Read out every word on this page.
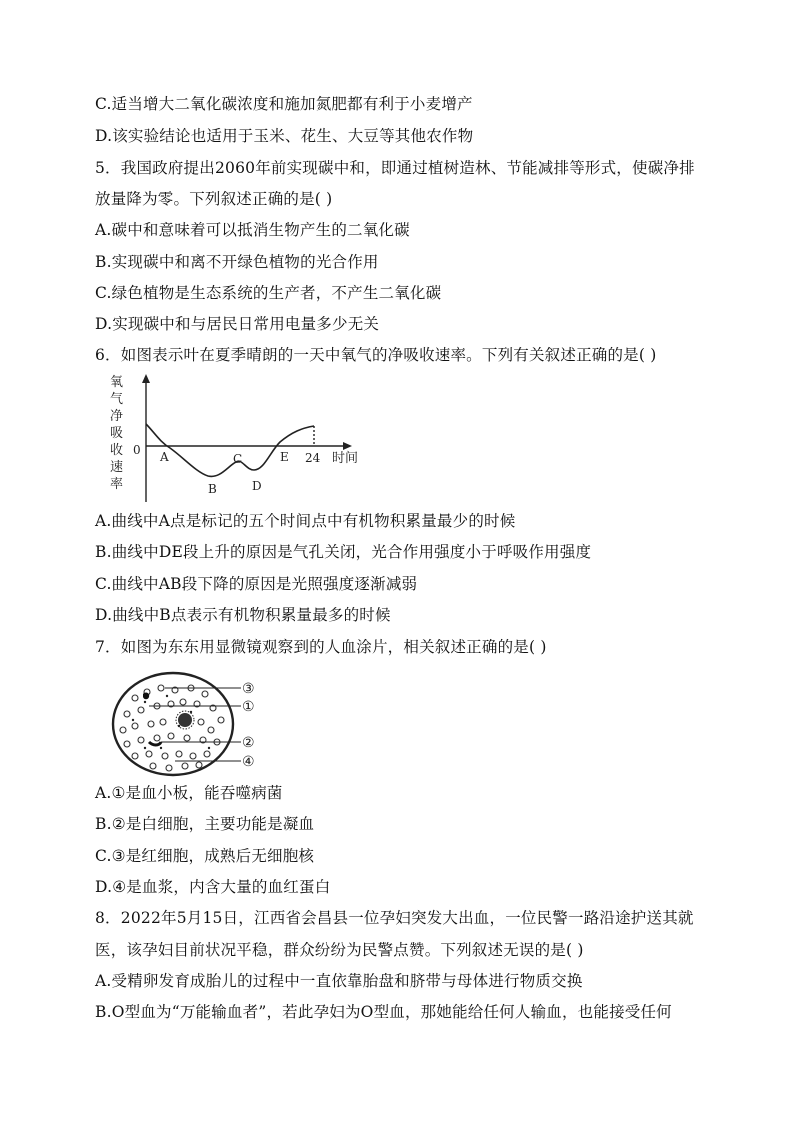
C.适当增大二氧化碳浓度和施加氮肥都有利于小麦增产
D.该实验结论也适用于玉米、花生、大豆等其他农作物
5．我国政府提出2060年前实现碳中和，即通过植树造林、节能减排等形式，使碳净排
放量降为零。下列叙述正确的是( )
A.碳中和意味着可以抵消生物产生的二氧化碳
B.实现碳中和离不开绿色植物的光合作用
C.绿色植物是生态系统的生产者，不产生二氧化碳
D.实现碳中和与居民日常用电量多少无关
6．如图表示叶在夏季晴朗的一天中氧气的净吸收速率。下列有关叙述正确的是( )
氧
气
净
吸
收
速
率
0
时间
A
B
C
D
E 24
A.曲线中A点是标记的五个时间点中有机物积累量最少的时候
B.曲线中DE段上升的原因是气孔关闭，光合作用强度小于呼吸作用强度
C.曲线中AB段下降的原因是光照强度逐渐减弱
D.曲线中B点表示有机物积累量最多的时候
7．如图为东东用显微镜观察到的人血涂片，相关叙述正确的是( )
③
①
②
④
A.①是血小板，能吞噬病菌
B.②是白细胞，主要功能是凝血
C.③是红细胞，成熟后无细胞核
D.④是血浆，内含大量的血红蛋白
8．2022年5月15日，江西省会昌县一位孕妇突发大出血，一位民警一路沿途护送其就
医，该孕妇目前状况平稳，群众纷纷为民警点赞。下列叙述无误的是( )
A.受精卵发育成胎儿的过程中一直依靠胎盘和脐带与母体进行物质交换
B.O型血为“万能输血者”，若此孕妇为O型血，那她能给任何人输血，也能接受任何
